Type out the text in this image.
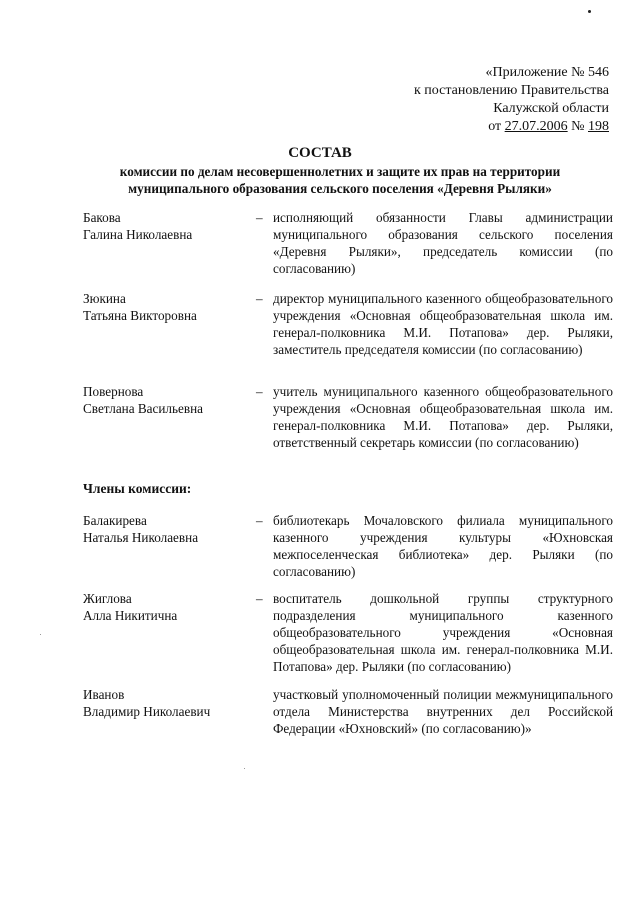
«Приложение № 546
к постановлению Правительства
Калужской области
от 27.07.2006 № 198
СОСТАВ
комиссии по делам несовершеннолетних и защите их прав на территории
муниципального образования сельского поселения «Деревня Рыляки»
Бакова
Галина Николаевна
– исполняющий обязанности Главы администрации муниципального образования сельского поселения «Деревня Рыляки», председатель комиссии (по согласованию)
Зюкина
Татьяна Викторовна
– директор муниципального казенного общеобразовательного учреждения «Основная общеобразовательная школа им. генерал-полковника М.И. Потапова» дер. Рыляки, заместитель председателя комиссии (по согласованию)
Повернова
Светлана Васильевна
– учитель муниципального казенного общеобразовательного учреждения «Основная общеобразовательная школа им. генерал-полковника М.И. Потапова» дер. Рыляки, ответственный секретарь комиссии (по согласованию)
Члены комиссии:
Балакирева
Наталья Николаевна
– библиотекарь Мочаловского филиала муниципального казенного учреждения культуры «Юхновская межпоселенческая библиотека» дер. Рыляки (по согласованию)
Жиглова
Алла Никитична
– воспитатель дошкольной группы структурного подразделения муниципального казенного общеобразовательного учреждения «Основная общеобразовательная школа им. генерал-полковника М.И. Потапова» дер. Рыляки (по согласованию)
Иванов
Владимир Николаевич
участковый уполномоченный полиции межмуниципального отдела Министерства внутренних дел Российской Федерации «Юхновский» (по согласованию)»
